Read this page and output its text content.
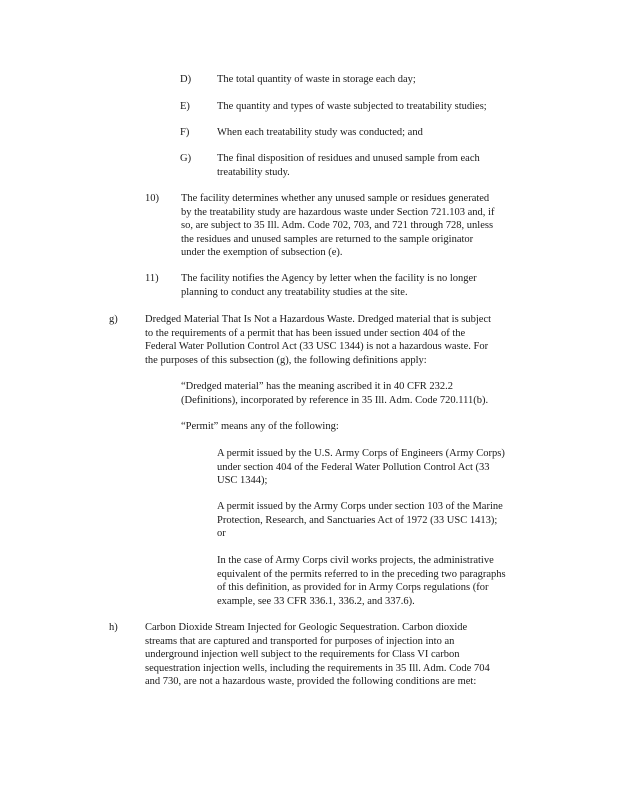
D) The total quantity of waste in storage each day;
E)	The quantity and types of waste subjected to treatability studies;
F)	When each treatability study was conducted; and
G) The final disposition of residues and unused sample from each
treatability study.
10) The facility determines whether any unused sample or residues generated
by the treatability study are hazardous waste under Section 721.103 and, if
so, are subject to 35 Ill. Adm. Code 702, 703, and 721 through 728, unless
the residues and unused samples are returned to the sample originator
under the exemption of subsection (e).
11) The facility notifies the Agency by letter when the facility is no longer
planning to conduct any treatability studies at the site.
g)	Dredged Material That Is Not a Hazardous Waste. Dredged material that is subject
to the requirements of a permit that has been issued under section 404 of the
Federal Water Pollution Control Act (33 USC 1344) is not a hazardous waste. For
the purposes of this subsection (g), the following definitions apply:
“Dredged material” has the meaning ascribed it in 40 CFR 232.2
(Definitions), incorporated by reference in 35 Ill. Adm. Code 720.111(b).
“Permit” means any of the following:
A permit issued by the U.S. Army Corps of Engineers (Army Corps)
under section 404 of the Federal Water Pollution Control Act (33
USC 1344);
A permit issued by the Army Corps under section 103 of the Marine
Protection, Research, and Sanctuaries Act of 1972 (33 USC 1413);
or
In the case of Army Corps civil works projects, the administrative
equivalent of the permits referred to in the preceding two paragraphs
of this definition, as provided for in Army Corps regulations (for
example, see 33 CFR 336.1, 336.2, and 337.6).
h)	Carbon Dioxide Stream Injected for Geologic Sequestration. Carbon dioxide
streams that are captured and transported for purposes of injection into an
underground injection well subject to the requirements for Class VI carbon
sequestration injection wells, including the requirements in 35 Ill. Adm. Code 704
and 730, are not a hazardous waste, provided the following conditions are met:
